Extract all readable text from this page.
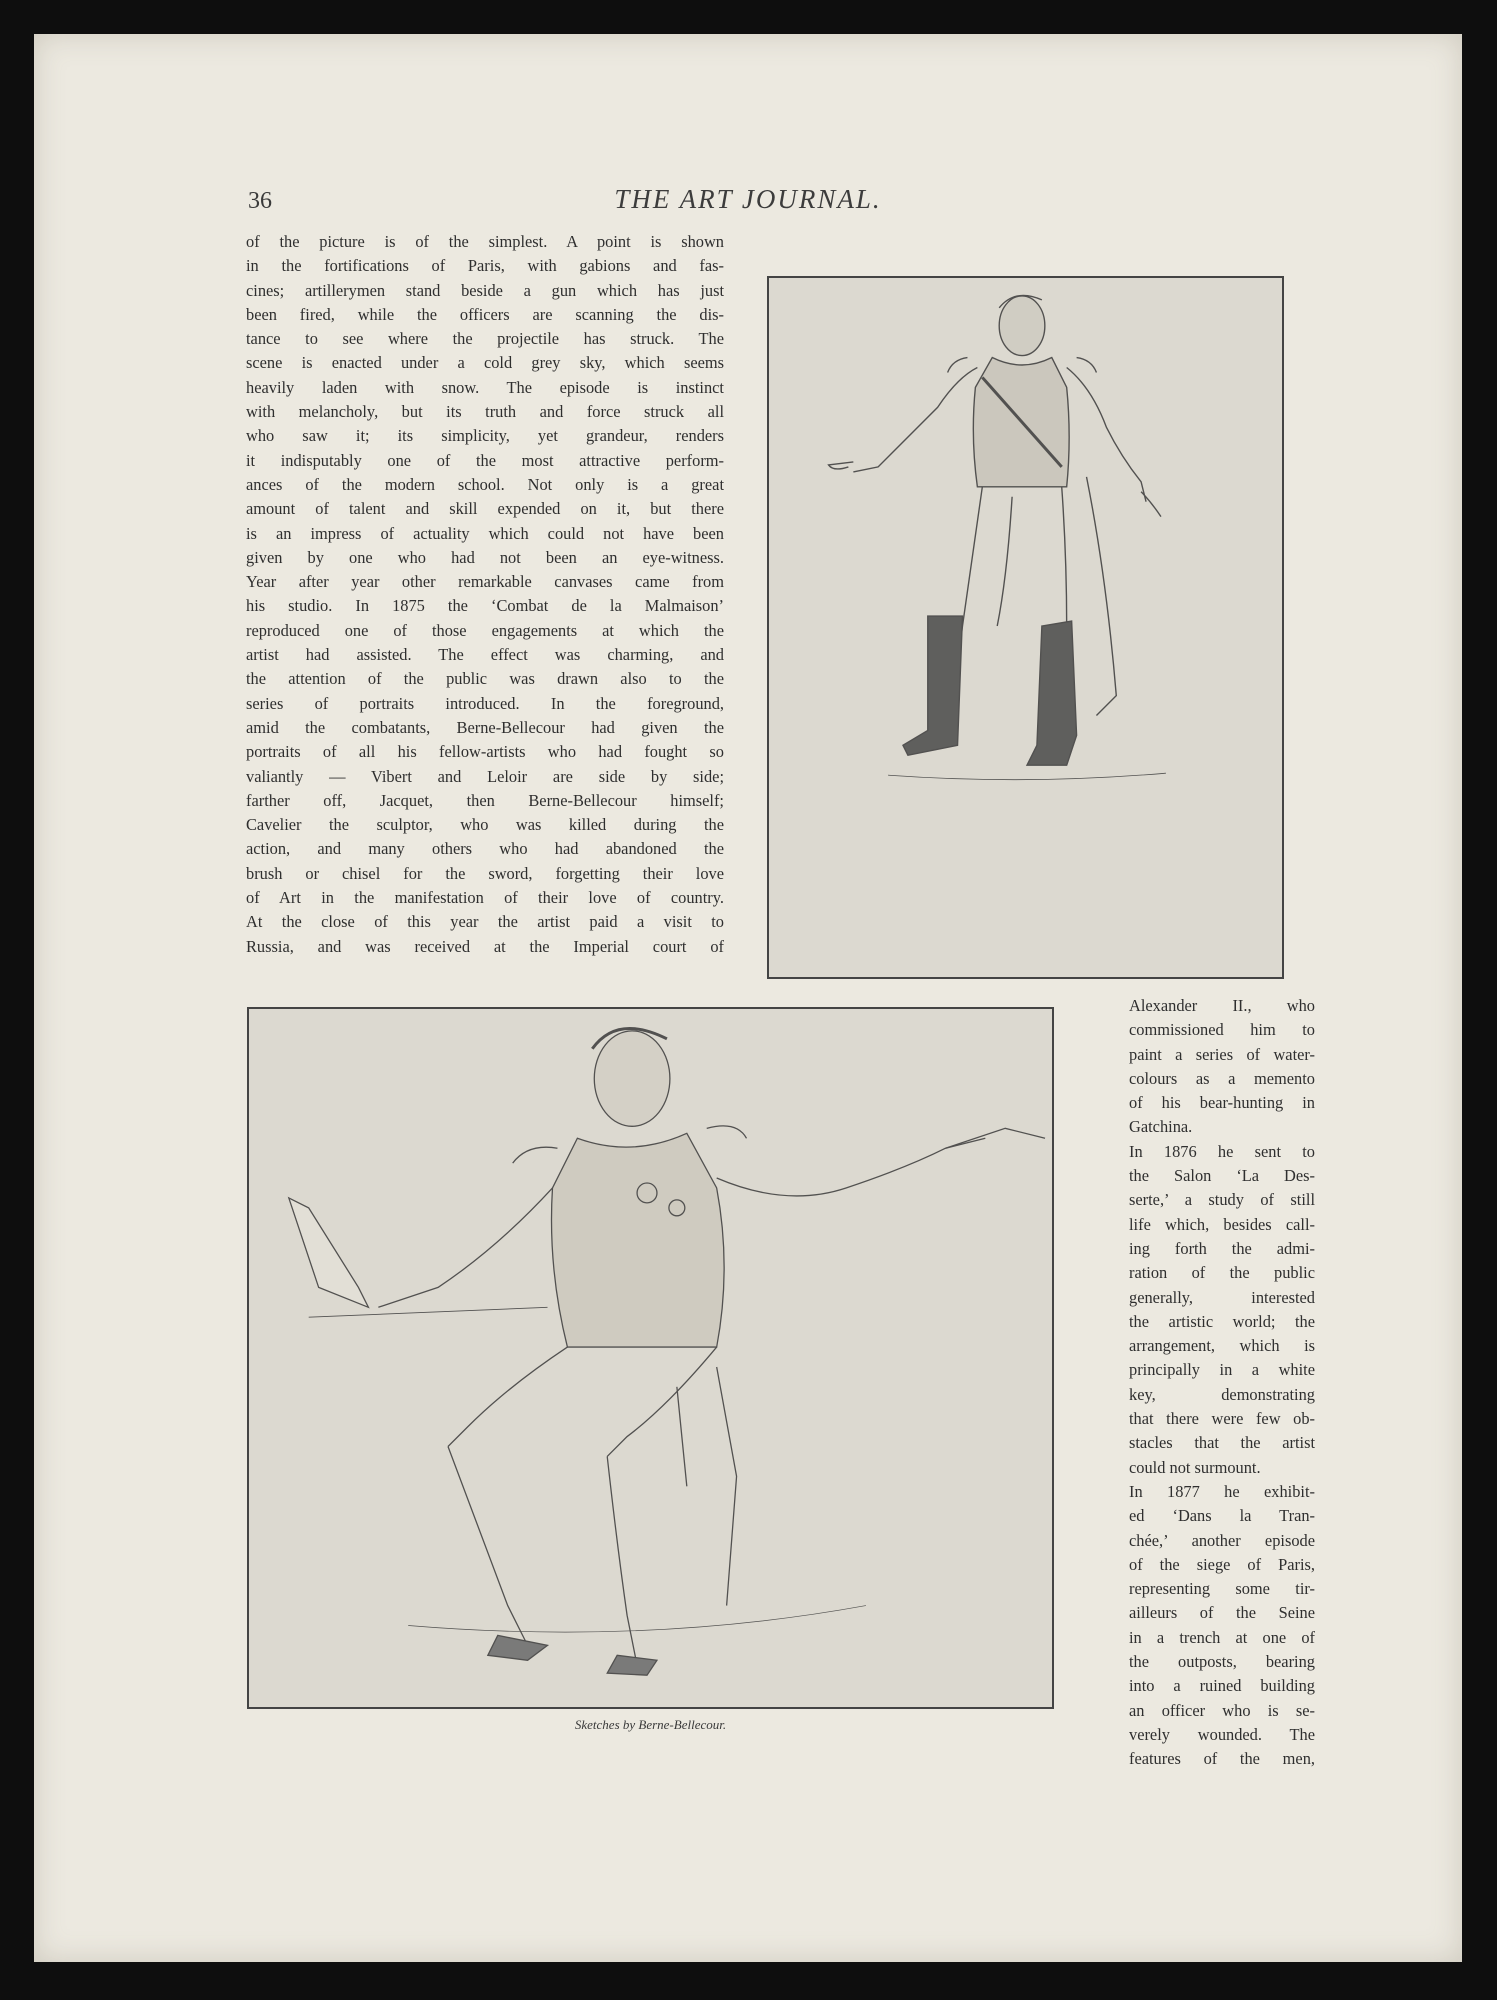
36	THE ART JOURNAL.
of the picture is of the simplest. A point is shown
in the fortifications of Paris, with gabions and fas-
cines; artillerymen stand beside a gun which has just
been fired, while the officers are scanning the dis-
tance to see where the projectile has struck. The
scene is enacted under a cold grey sky, which seems
heavily laden with snow. The episode is instinct
with melancholy, but its truth and force struck all
who saw it; its simplicity, yet grandeur, renders
it indisputably one of the most attractive perform-
ances of the modern school. Not only is a great
amount of talent and skill expended on it, but there
is an impress of actuality which could not have been
given by one who had not been an eye-witness.
Year after year other remarkable canvases came from
his studio. In 1875 the ‘Combat de la Malmaison’
reproduced one of those engagements at which the
artist had assisted. The effect was charming, and
the attention of the public was drawn also to the
series of portraits introduced. In the foreground,
amid the combatants, Berne-Bellecour had given the
portraits of all his fellow-artists who had fought so
valiantly — Vibert and Leloir are side by side;
farther off, Jacquet, then Berne-Bellecour himself;
Cavelier the sculptor, who was killed during the
action, and many others who had abandoned the
brush or chisel for the sword, forgetting their love
of Art in the manifestation of their love of country.
At the close of this year the artist paid a visit to
Russia, and was received at the Imperial court of
Sketches by Berne-Bellecour.
Alexander II., who
commissioned him to
paint a series of water-
colours as a memento
of his bear-hunting in
Gatchina.
In 1876 he sent to
the Salon ‘La Des-
serte,’ a study of still
life which, besides call-
ing forth the admi-
ration of the public
generally, interested
the artistic world; the
arrangement, which is
principally in a white
key, demonstrating
that there were few ob-
stacles that the artist
could not surmount.
In 1877 he exhibit-
ed ‘Dans la Tran-
chée,’ another episode
of the siege of Paris,
representing some tir-
ailleurs of the Seine
in a trench at one of
the outposts, bearing
into a ruined building
an officer who is se-
verely wounded. The
features of the men,
